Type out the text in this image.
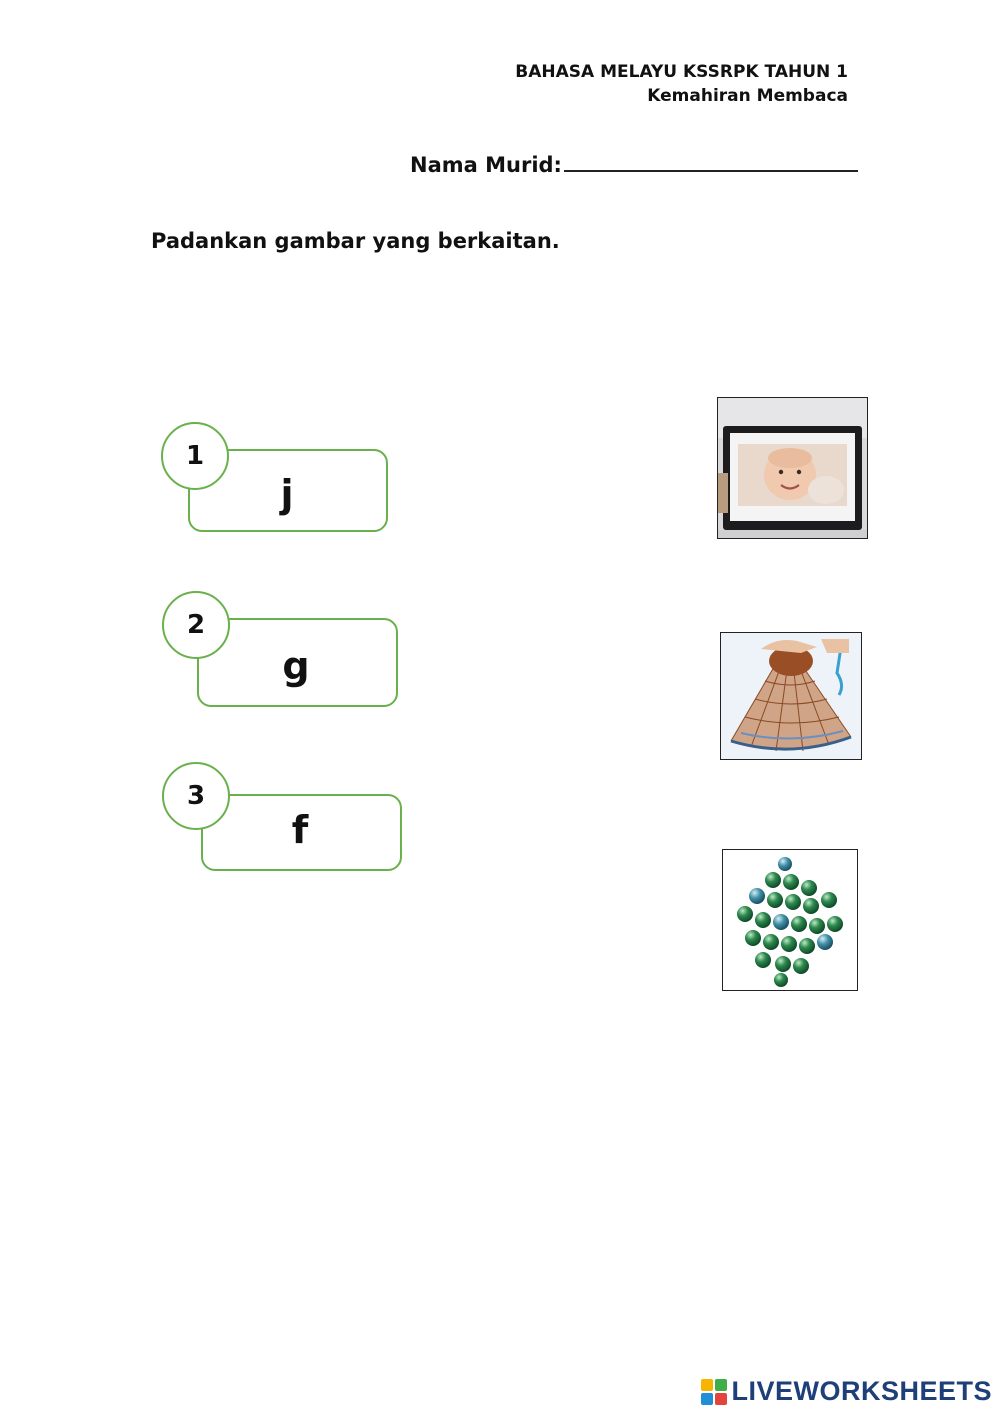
BAHASA MELAYU KSSRPK TAHUN 1
Kemahiran Membaca
Nama Murid:
Padankan gambar yang berkaitan.
1
j
2
g
3
f
LIVEWORKSHEETS
